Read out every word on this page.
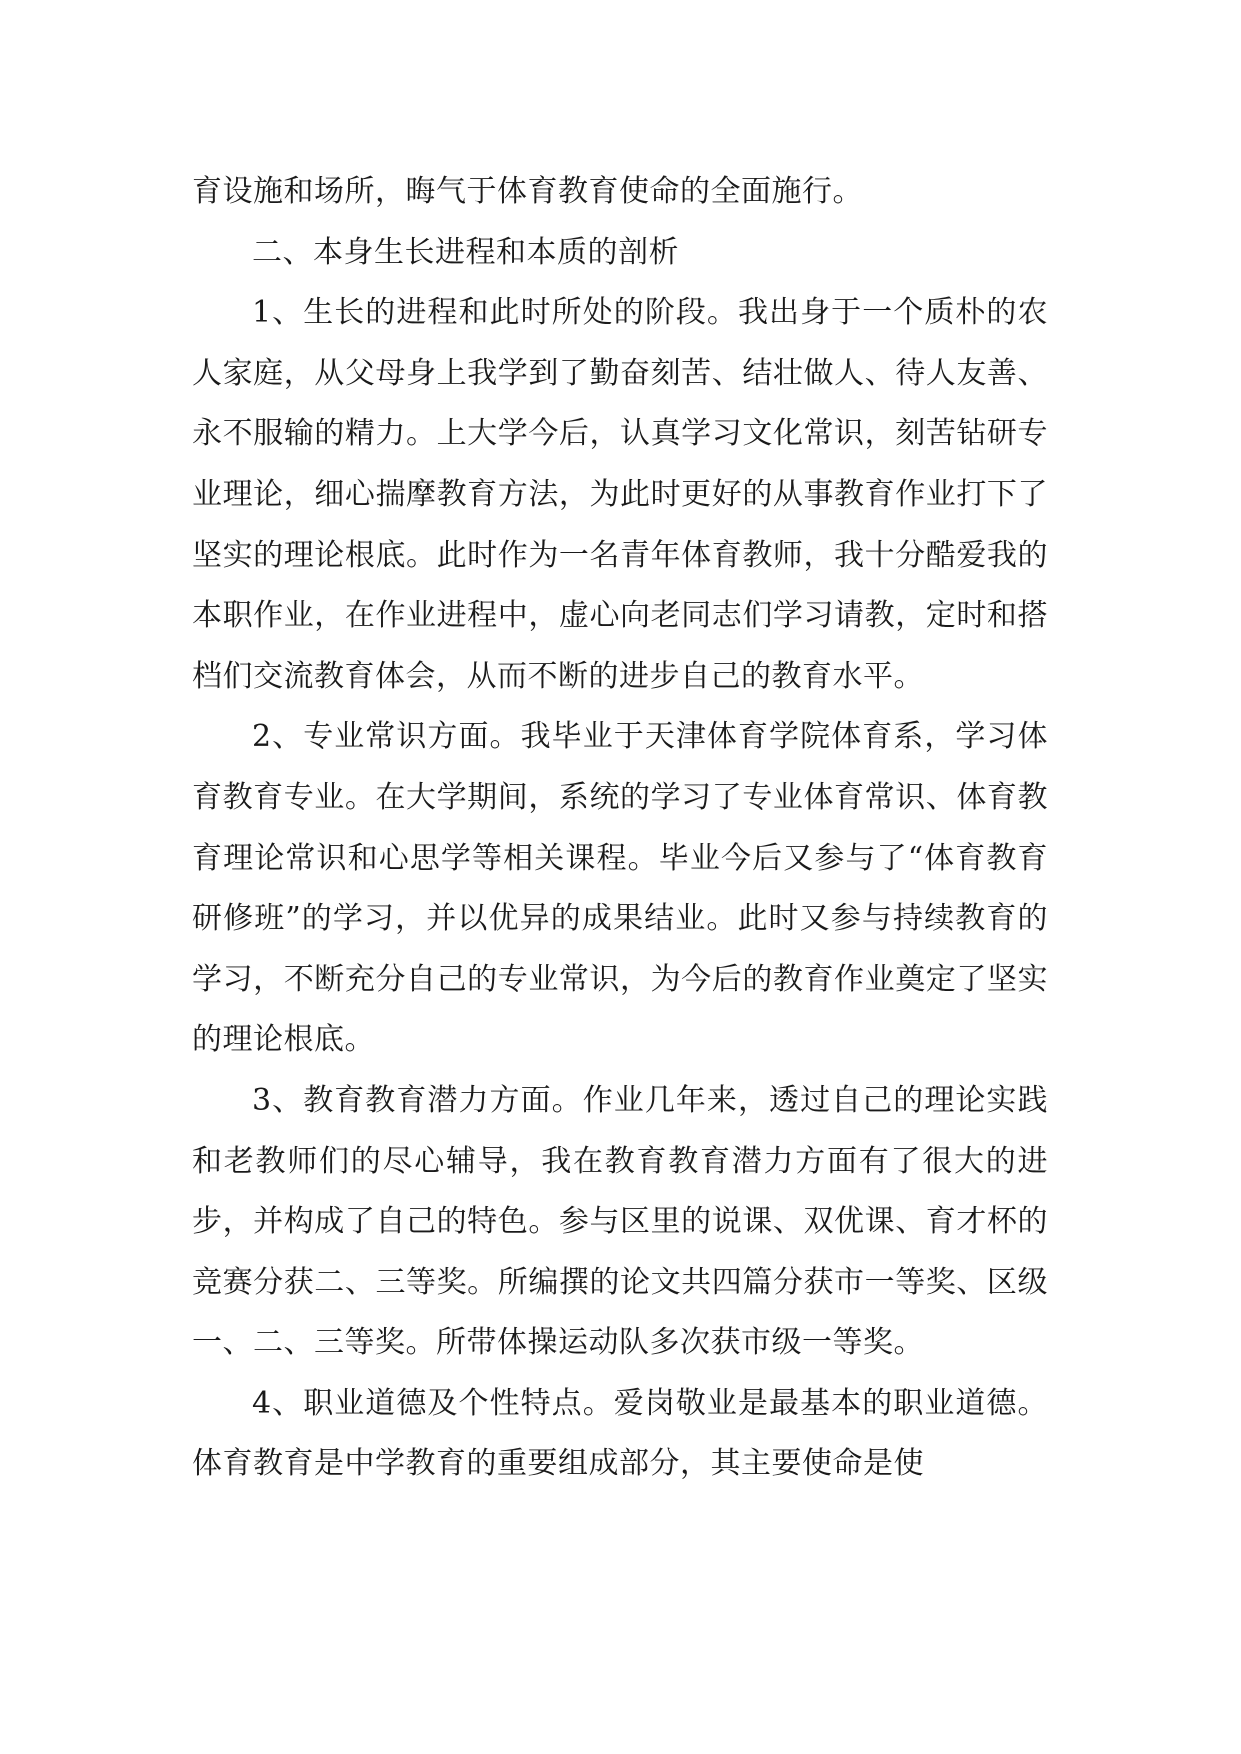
育设施和场所，晦气于体育教育使命的全面施行。

二、本身生长进程和本质的剖析

1、生长的进程和此时所处的阶段。我出身于一个质朴的农人家庭，从父母身上我学到了勤奋刻苦、结壮做人、待人友善、永不服输的精力。上大学今后，认真学习文化常识，刻苦钻研专业理论，细心揣摩教育方法，为此时更好的从事教育作业打下了坚实的理论根底。此时作为一名青年体育教师，我十分酷爱我的本职作业，在作业进程中，虚心向老同志们学习请教，定时和搭档们交流教育体会，从而不断的进步自己的教育水平。

2、专业常识方面。我毕业于天津体育学院体育系，学习体育教育专业。在大学期间，系统的学习了专业体育常识、体育教育理论常识和心思学等相关课程。毕业今后又参与了“体育教育研修班”的学习，并以优异的成果结业。此时又参与持续教育的学习，不断充分自己的专业常识，为今后的教育作业奠定了坚实的理论根底。

3、教育教育潜力方面。作业几年来，透过自己的理论实践和老教师们的尽心辅导，我在教育教育潜力方面有了很大的进步，并构成了自己的特色。参与区里的说课、双优课、育才杯的竞赛分获二、三等奖。所编撰的论文共四篇分获市一等奖、区级一、二、三等奖。所带体操运动队多次获市级一等奖。

4、职业道德及个性特点。爱岗敬业是最基本的职业道德。体育教育是中学教育的重要组成部分，其主要使命是使
